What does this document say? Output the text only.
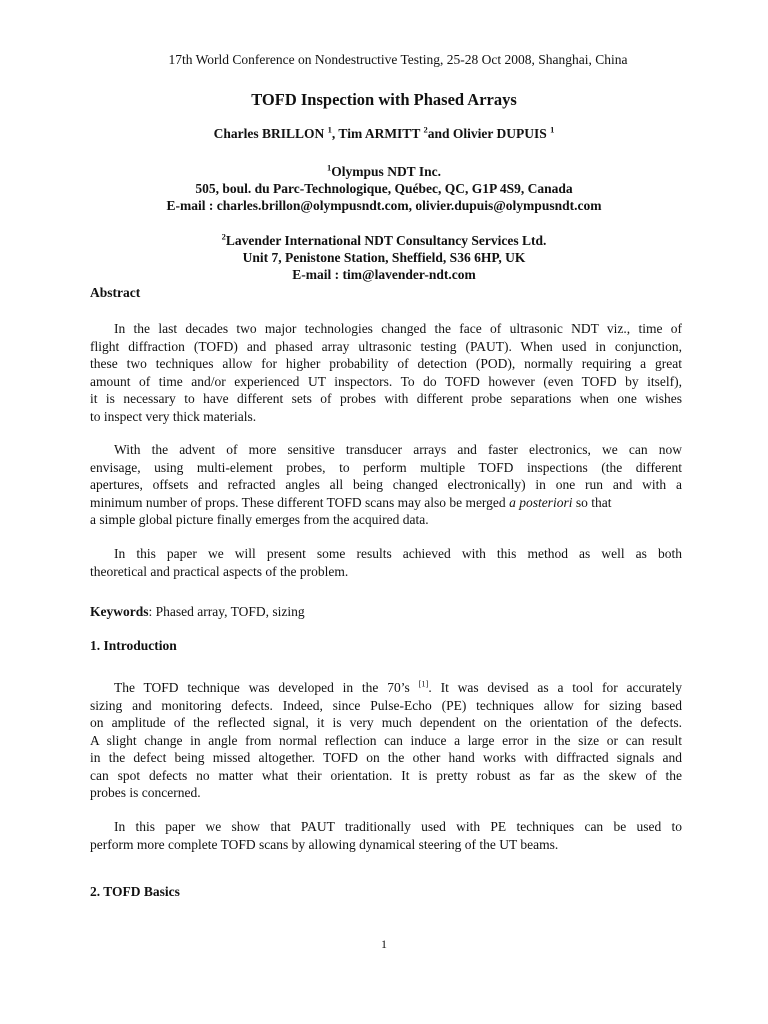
17th World Conference on Nondestructive Testing, 25-28 Oct 2008, Shanghai, China
TOFD Inspection with Phased Arrays
Charles BRILLON $^1$, Tim ARMITT $^2$and Olivier DUPUIS $^1$
$^1$Olympus NDT Inc.
505, boul. du Parc-Technologique, Québec, QC, G1P 4S9, Canada
E-mail : charles.brillon@olympusndt.com, olivier.dupuis@olympusndt.com
$^2$Lavender International NDT Consultancy Services Ltd.
Unit 7, Penistone Station, Sheffield, S36 6HP, UK
E-mail : tim@lavender-ndt.com
Abstract
In the last decades two major technologies changed the face of ultrasonic NDT viz., time of
flight diffraction (TOFD) and phased array ultrasonic testing (PAUT). When used in conjunction,
these two techniques allow for higher probability of detection (POD), normally requiring a great
amount of time and/or experienced UT inspectors. To do TOFD however (even TOFD by itself),
it is necessary to have different sets of probes with different probe separations when one wishes
to inspect very thick materials.
With the advent of more sensitive transducer arrays and faster electronics, we can now
envisage, using multi-element probes, to perform multiple TOFD inspections (the different
apertures, offsets and refracted angles all being changed electronically) in one run and with a
minimum number of props. These different TOFD scans may also be merged a posteriori so that
a simple global picture finally emerges from the acquired data.
In this paper we will present some results achieved with this method as well as both
theoretical and practical aspects of the problem.
Keywords: Phased array, TOFD, sizing
1. Introduction
The TOFD technique was developed in the 70’s [1]. It was devised as a tool for accurately
sizing and monitoring defects. Indeed, since Pulse-Echo (PE) techniques allow for sizing based
on amplitude of the reflected signal, it is very much dependent on the orientation of the defects.
A slight change in angle from normal reflection can induce a large error in the size or can result
in the defect being missed altogether. TOFD on the other hand works with diffracted signals and
can spot defects no matter what their orientation. It is pretty robust as far as the skew of the
probes is concerned.
In this paper we show that PAUT traditionally used with PE techniques can be used to
perform more complete TOFD scans by allowing dynamical steering of the UT beams.
2. TOFD Basics
1
